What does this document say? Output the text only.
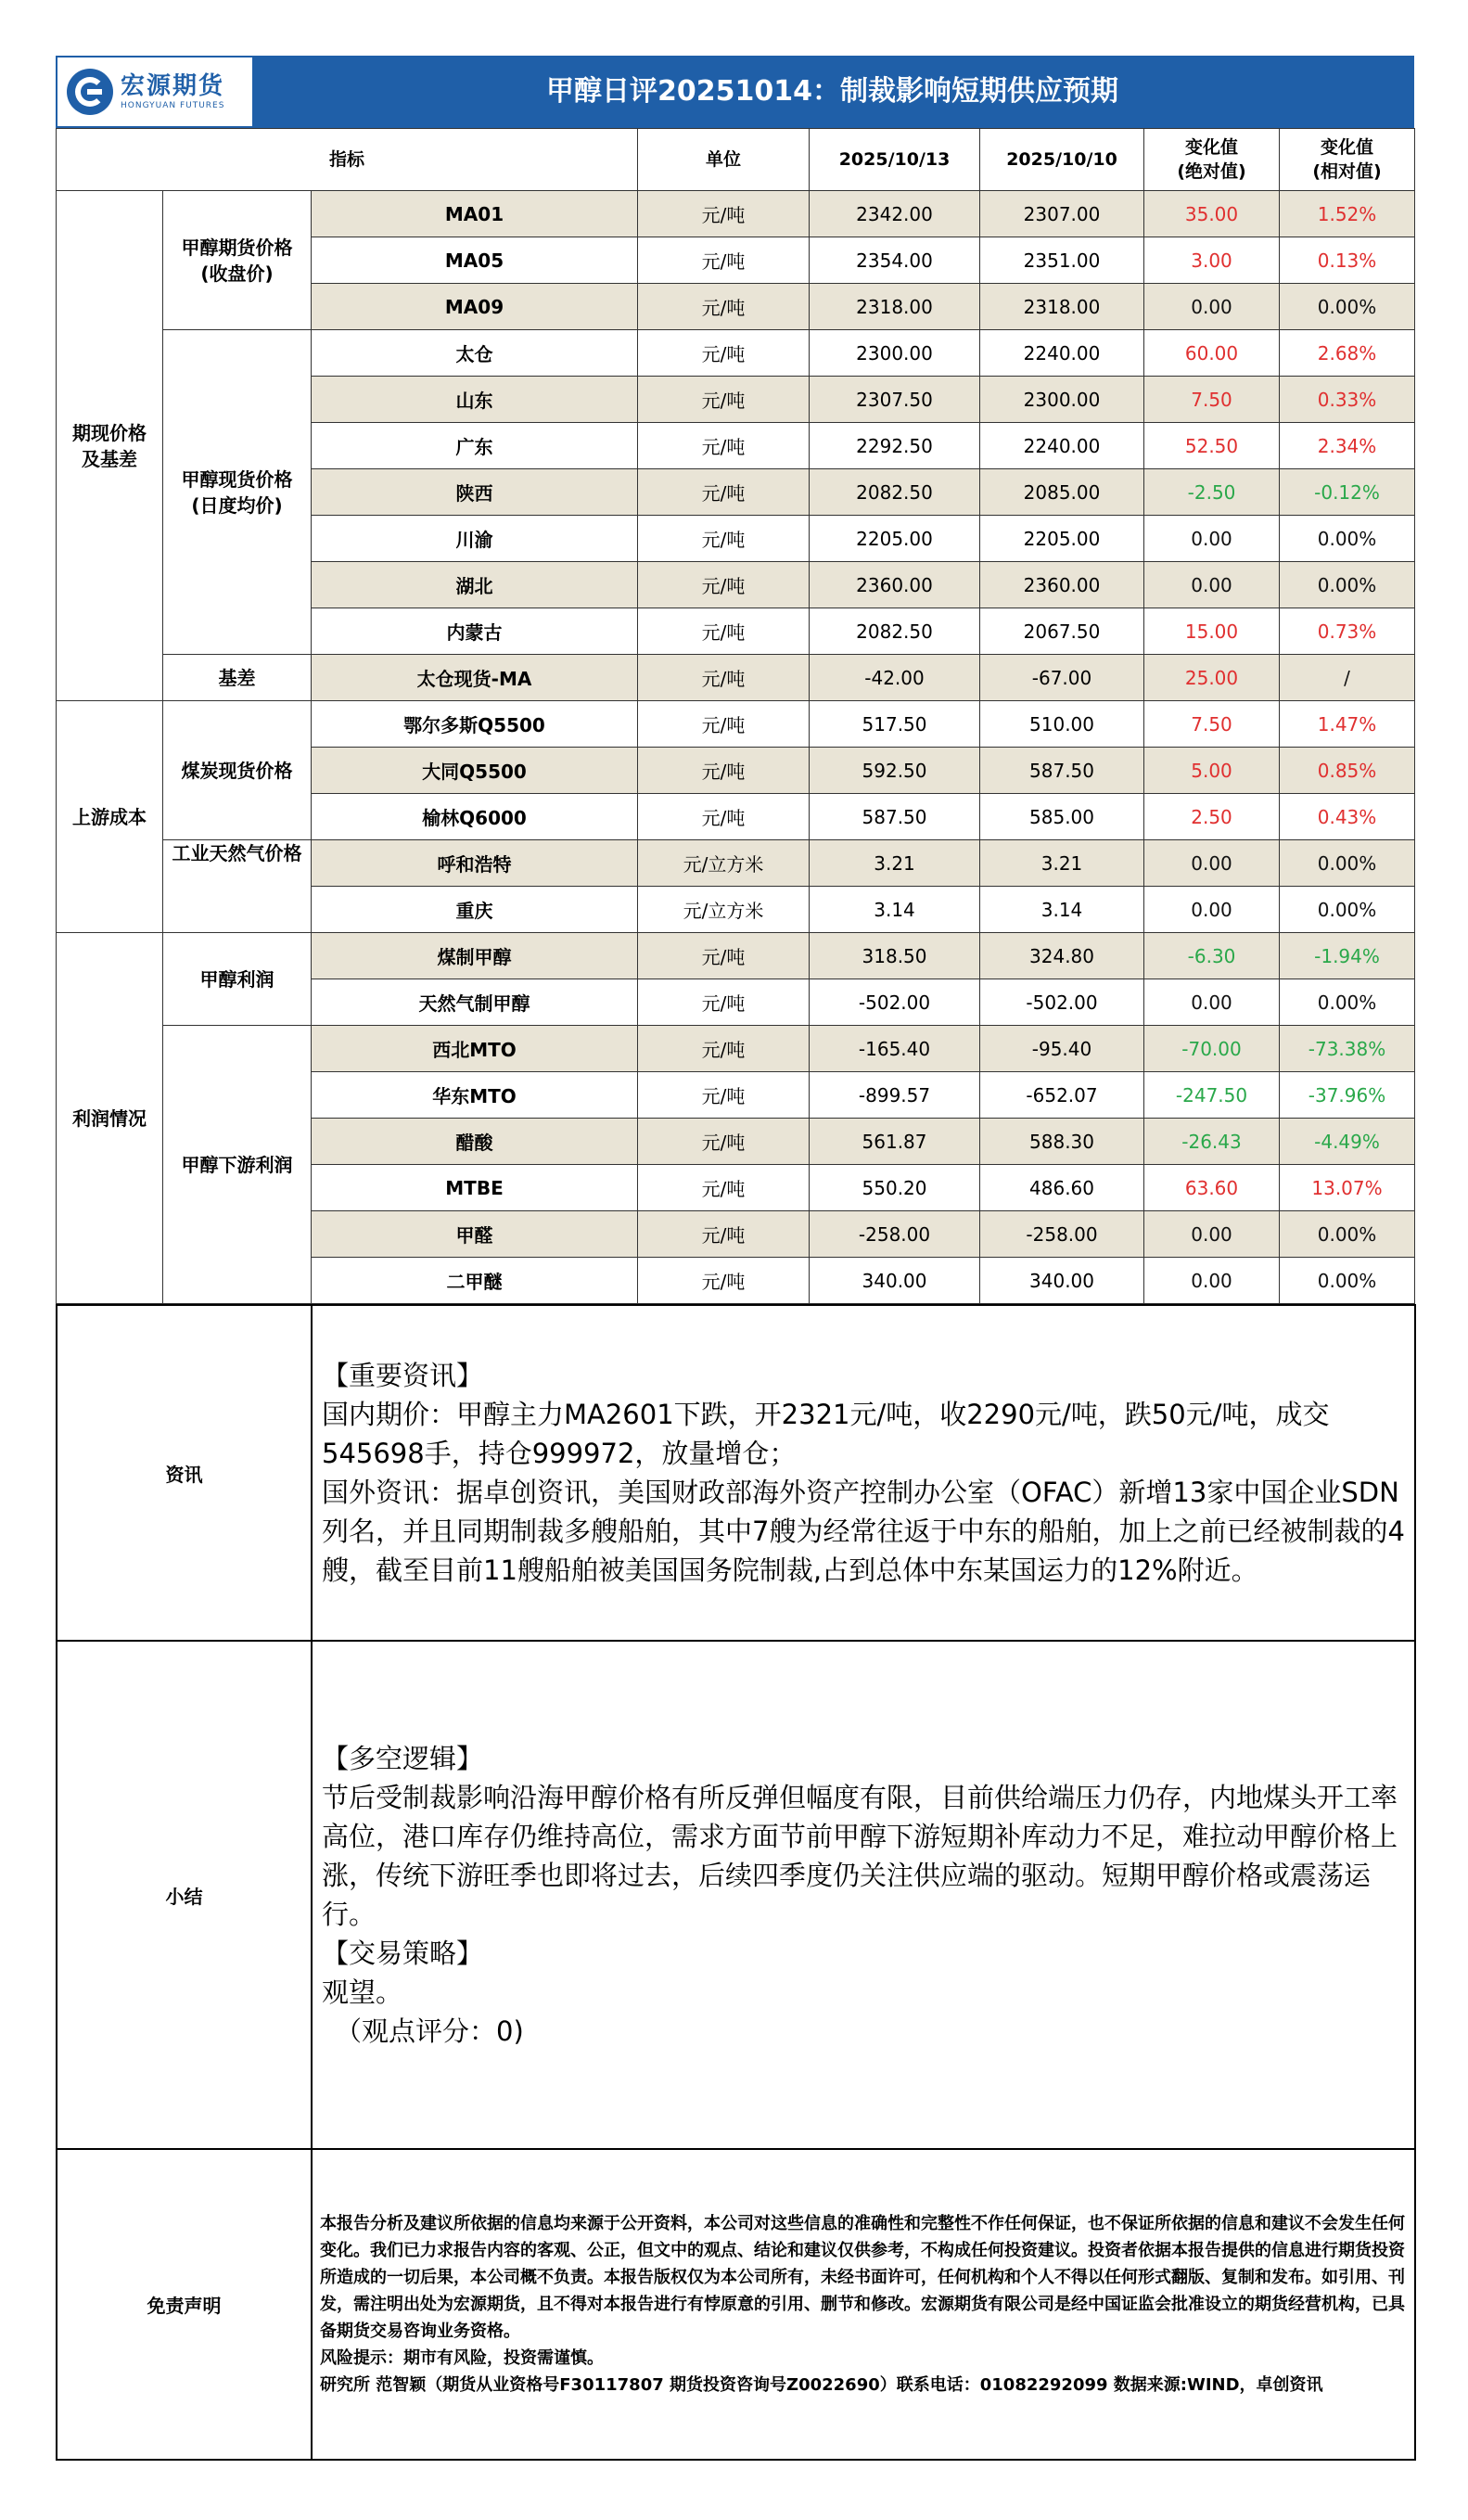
宏源期货
HONGYUAN FUTURES	甲醇日评20251014：制裁影响短期供应预期
指标			单位	2025/10/13	2025/10/10	变化值
(绝对值)	变化值
(相对值)
期现价格
及基差	甲醇期货价格
(收盘价)	MA01	元/吨	2342.00	2307.00	35.00	1.52%
		MA05	元/吨	2354.00	2351.00	3.00	0.13%
		MA09	元/吨	2318.00	2318.00	0.00	0.00%
	甲醇现货价格
(日度均价)	太仓	元/吨	2300.00	2240.00	60.00	2.68%
		山东	元/吨	2307.50	2300.00	7.50	0.33%
		广东	元/吨	2292.50	2240.00	52.50	2.34%
		陕西	元/吨	2082.50	2085.00	-2.50	-0.12%
		川渝	元/吨	2205.00	2205.00	0.00	0.00%
		湖北	元/吨	2360.00	2360.00	0.00	0.00%
		内蒙古	元/吨	2082.50	2067.50	15.00	0.73%
	基差	太仓现货-MA	元/吨	-42.00	-67.00	25.00	/
上游成本	煤炭现货价格	鄂尔多斯Q5500	元/吨	517.50	510.00	7.50	1.47%
		大同Q5500	元/吨	592.50	587.50	5.00	0.85%
		榆林Q6000	元/吨	587.50	585.00	2.50	0.43%
	工业天然气价格	呼和浩特	元/立方米	3.21	3.21	0.00	0.00%
		重庆	元/立方米	3.14	3.14	0.00	0.00%
利润情况	甲醇利润	煤制甲醇	元/吨	318.50	324.80	-6.30	-1.94%
		天然气制甲醇	元/吨	-502.00	-502.00	0.00	0.00%
	甲醇下游利润	西北MTO	元/吨	-165.40	-95.40	-70.00	-73.38%
		华东MTO	元/吨	-899.57	-652.07	-247.50	-37.96%
		醋酸	元/吨	561.87	588.30	-26.43	-4.49%
		MTBE	元/吨	550.20	486.60	63.60	13.07%
		甲醛	元/吨	-258.00	-258.00	0.00	0.00%
		二甲醚	元/吨	340.00	340.00	0.00	0.00%
资讯	【重要资讯】
国内期价：甲醇主力MA2601下跌，开2321元/吨，收2290元/吨，跌50元/吨，成交545698手，持仓999972，放量增仓；
国外资讯：据卓创资讯，美国财政部海外资产控制办公室（OFAC）新增13家中国企业SDN列名，并且同期制裁多艘船舶，其中7艘为经常往返于中东的船舶，加上之前已经被制裁的4艘，截至目前11艘船舶被美国国务院制裁,占到总体中东某国运力的12%附近。

小结	【多空逻辑】
节后受制裁影响沿海甲醇价格有所反弹但幅度有限，目前供给端压力仍存，内地煤头开工率高位，港口库存仍维持高位，需求方面节前甲醇下游短期补库动力不足，难拉动甲醇价格上涨，传统下游旺季也即将过去，后续四季度仍关注供应端的驱动。短期甲醇价格或震荡运行。
【交易策略】
观望。
（观点评分：0)

免责声明	本报告分析及建议所依据的信息均来源于公开资料，本公司对这些信息的准确性和完整性不作任何保证，也不保证所依据的信息和建议不会发生任何变化。我们已力求报告内容的客观、公正，但文中的观点、结论和建议仅供参考，不构成任何投资建议。投资者依据本报告提供的信息进行期货投资所造成的一切后果，本公司概不负责。本报告版权仅为本公司所有，未经书面许可，任何机构和个人不得以任何形式翻版、复制和发布。如引用、刊发，需注明出处为宏源期货，且不得对本报告进行有悖原意的引用、删节和修改。宏源期货有限公司是经中国证监会批准设立的期货经营机构，已具备期货交易咨询业务资格。
风险提示：期市有风险，投资需谨慎。
研究所 范智颖（期货从业资格号F30117807 期货投资咨询号Z0022690）联系电话：01082292099 数据来源:WIND，卓创资讯
